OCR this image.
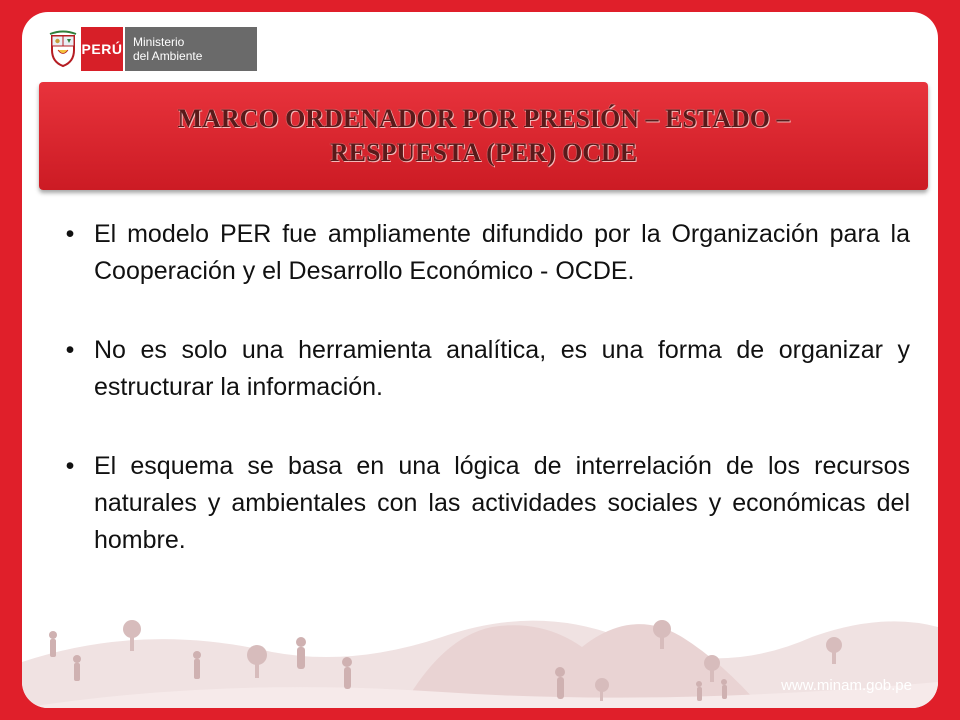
PERÚ Ministerio
del Ambiente
MARCO ORDENADOR POR PRESIÓN – ESTADO –
RESPUESTA (PER) OCDE
• El modelo PER fue ampliamente difundido por la Organización para la Cooperación y el Desarrollo Económico - OCDE.
• No es solo una herramienta analítica, es una forma de organizar y estructurar la información.
• El esquema se basa en una lógica de interrelación de los recursos naturales y ambientales con las actividades sociales y económicas del hombre.
www.minam.gob.pe
